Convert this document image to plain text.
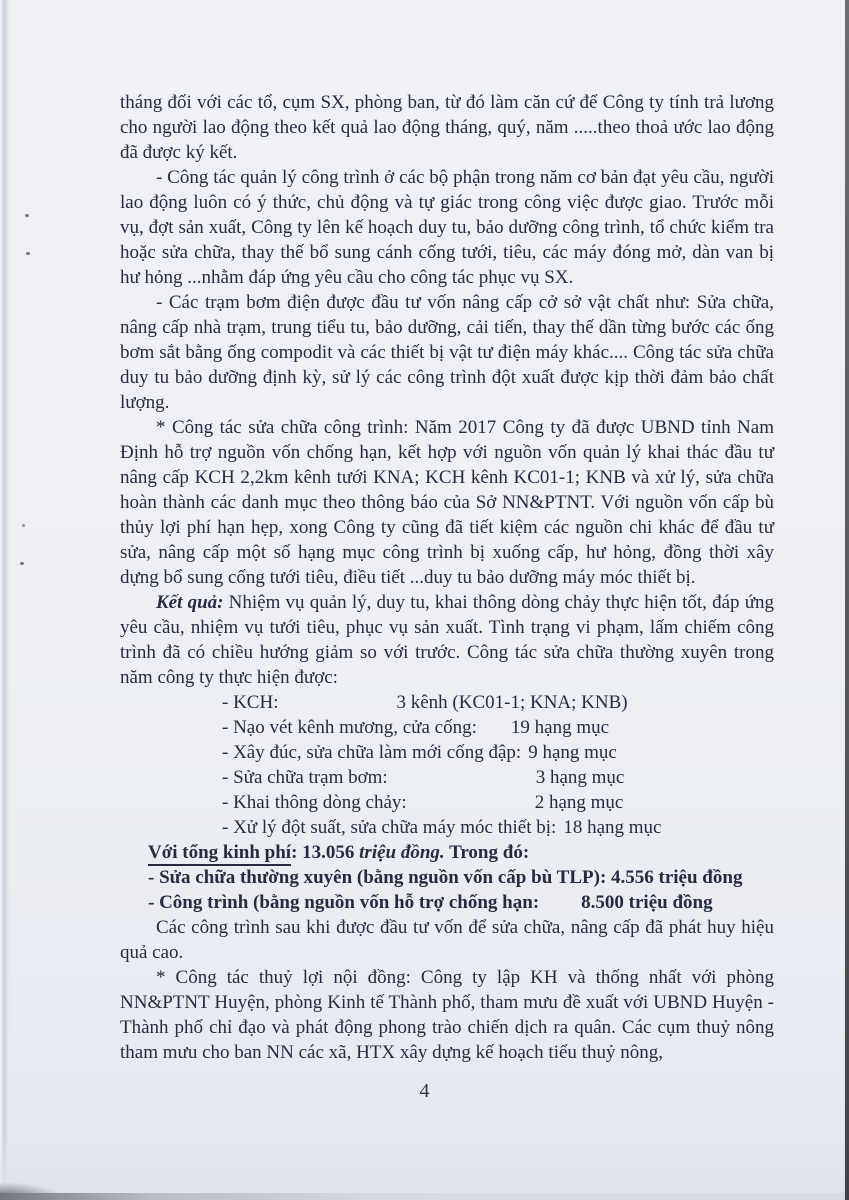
tháng đối với các tổ, cụm SX, phòng ban, từ đó làm căn cứ để Công ty tính trả lương cho người lao động theo kết quả lao động tháng, quý, năm .....theo thoả ước lao động đã được ký kết.

- Công tác quản lý công trình ở các bộ phận trong năm cơ bản đạt yêu cầu, người lao động luôn có ý thức, chủ động và tự giác trong công việc được giao. Trước mỗi vụ, đợt sản xuất, Công ty lên kế hoạch duy tu, bảo dưỡng công trình, tổ chức kiểm tra hoặc sửa chữa, thay thế bổ sung cánh cống tưới, tiêu, các máy đóng mở, dàn van bị hư hỏng ...nhằm đáp ứng yêu cầu cho công tác phục vụ SX.

- Các trạm bơm điện được đầu tư vốn nâng cấp cở sở vật chất như: Sửa chữa, nâng cấp nhà trạm, trung tiểu tu, bảo dưỡng, cải tiến, thay thế dần từng bước các ống bơm sắt bằng ống compodit và các thiết bị vật tư điện máy khác.... Công tác sửa chữa duy tu bảo dưỡng định kỳ, sử lý các công trình đột xuất được kịp thời đảm bảo chất lượng.

* Công tác sửa chữa công trình: Năm 2017 Công ty đã được UBND tỉnh Nam Định hỗ trợ nguồn vốn chống hạn, kết hợp với nguồn vốn quản lý khai thác đầu tư nâng cấp KCH 2,2km kênh tưới KNA; KCH kênh KC01-1; KNB và xử lý, sửa chữa hoàn thành các danh mục theo thông báo của Sở NN&PTNT. Với nguồn vốn cấp bù thủy lợi phí hạn hẹp, xong Công ty cũng đã tiết kiệm các nguồn chi khác để đầu tư sửa, nâng cấp một số hạng mục công trình bị xuống cấp, hư hỏng, đồng thời xây dựng bổ sung cống tưới tiêu, điều tiết ...duy tu bảo dưỡng máy móc thiết bị.

Kết quả: Nhiệm vụ quản lý, duy tu, khai thông dòng chảy thực hiện tốt, đáp ứng yêu cầu, nhiệm vụ tưới tiêu, phục vụ sản xuất. Tình trạng vi phạm, lấm chiếm công trình đã có chiều hướng giảm so với trước. Công tác sửa chữa thường xuyên trong năm công ty thực hiện được:

- KCH:	3 kênh (KC01-1; KNA; KNB)
- Nạo vét kênh mương, cửa cống: 19 hạng mục
- Xây đúc, sửa chữa làm mới cống đập: 9 hạng mục
- Sửa chữa trạm bơm:	3 hạng mục
- Khai thông dòng chảy:	2 hạng mục
- Xử lý đột suất, sửa chữa máy móc thiết bị: 18 hạng mục
Với tổng kinh phí: 13.056 triệu đồng. Trong đó:
- Sửa chữa thường xuyên (bằng nguồn vốn cấp bù TLP): 4.556 triệu đồng
- Công trình (bằng nguồn vốn hỗ trợ chống hạn: 8.500 triệu đồng

Các công trình sau khi được đầu tư vốn để sửa chữa, nâng cấp đã phát huy hiệu quả cao.

* Công tác thuỷ lợi nội đồng: Công ty lập KH và thống nhất với phòng NN&PTNT Huyện, phòng Kinh tế Thành phố, tham mưu đề xuất với UBND Huyện - Thành phố chỉ đạo và phát động phong trào chiến dịch ra quân. Các cụm thuỷ nông tham mưu cho ban NN các xã, HTX xây dựng kế hoạch tiểu thuỷ nông,

4
